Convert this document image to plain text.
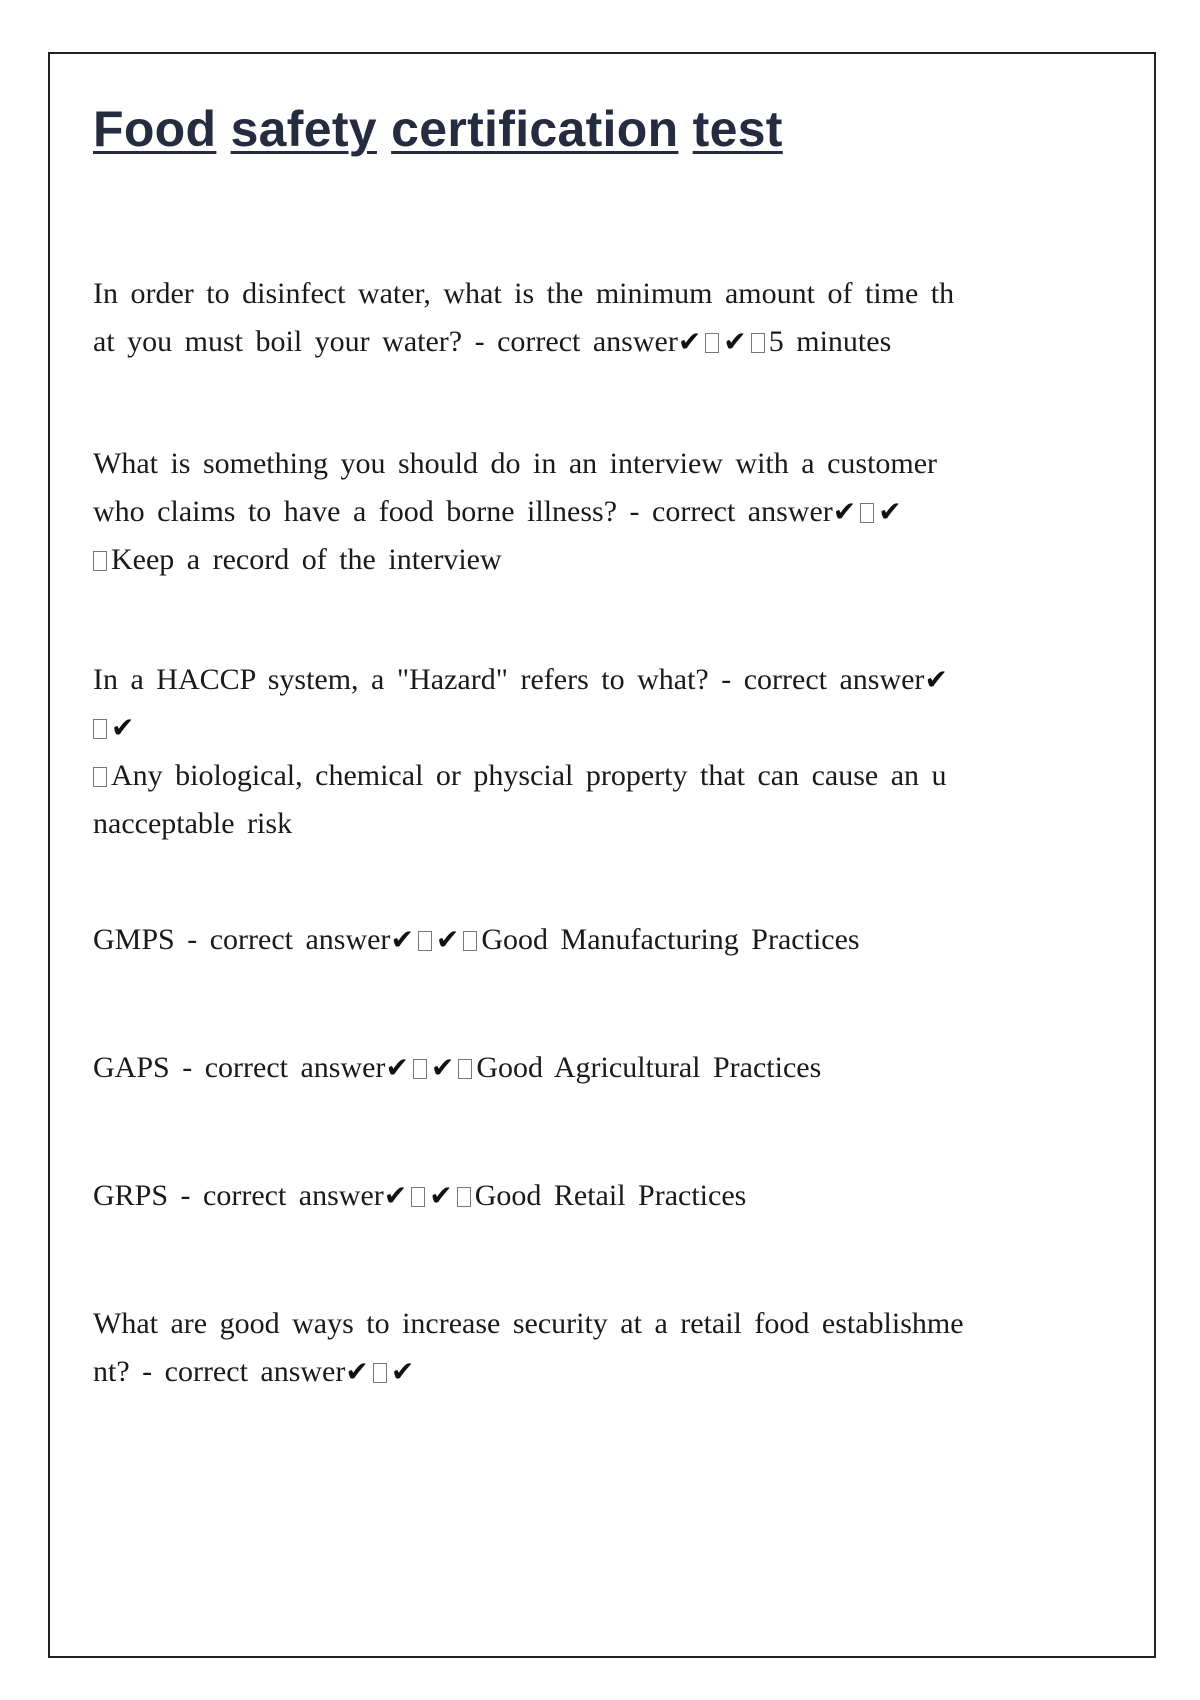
Food safety certification test

In order to disinfect water, what is the minimum amount of time th
at you must boil your water? - correct answer✔ ✔ 5 minutes

What is something you should do in an interview with a customer
who claims to have a food borne illness? - correct answer✔ ✔
Keep a record of the interview

In a HACCP system, a "Hazard" refers to what? - correct answer✔
✔
Any biological, chemical or physcial property that can cause an u
nacceptable risk

GMPS - correct answer✔ ✔ Good Manufacturing Practices

GAPS - correct answer✔ ✔ Good Agricultural Practices

GRPS - correct answer✔ ✔ Good Retail Practices

What are good ways to increase security at a retail food establishme
nt? - correct answer✔ ✔
